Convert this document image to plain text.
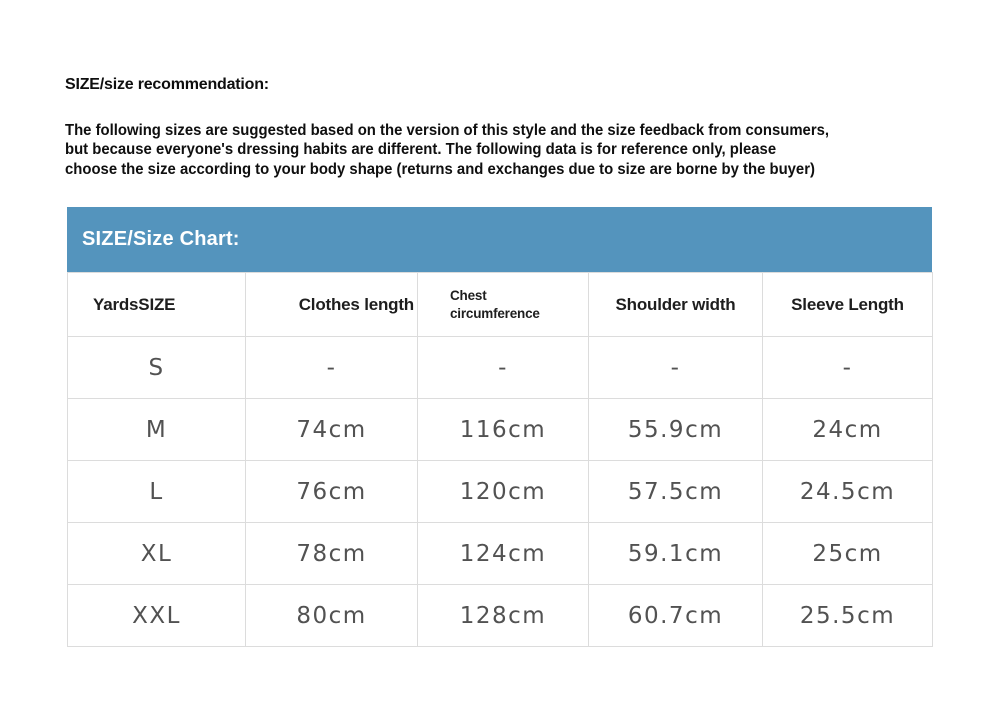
SIZE/size recommendation:
The following sizes are suggested based on the version of this style and the size feedback from consumers,
but because everyone's dressing habits are different. The following data is for reference only, please
choose the size according to your body shape (returns and exchanges due to size are borne by the buyer)
SIZE/Size Chart:
YardsSIZE	Clothes length	Chest circumference	Shoulder width	Sleeve Length
S	-	-	-	-
M	74cm	116cm	55.9cm	24cm
L	76cm	120cm	57.5cm	24.5cm
XL	78cm	124cm	59.1cm	25cm
XXL	80cm	128cm	60.7cm	25.5cm
